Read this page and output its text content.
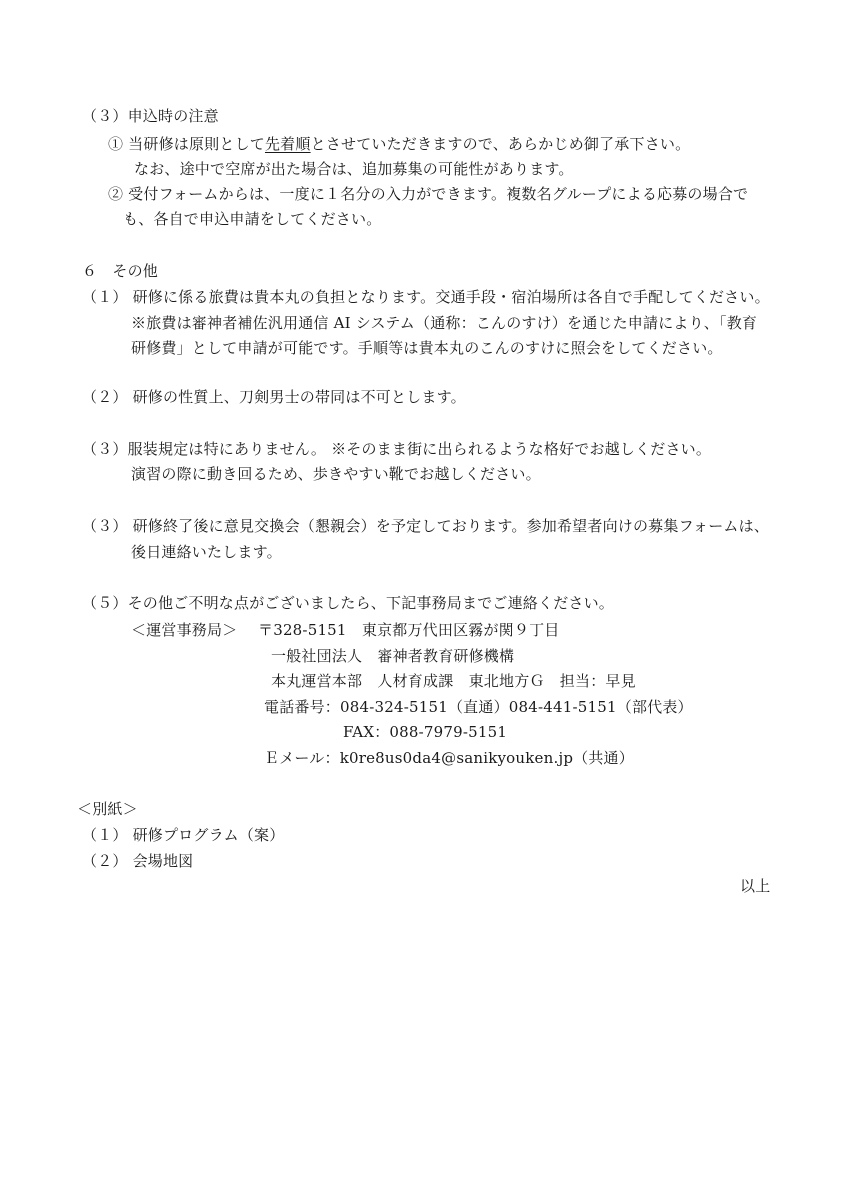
（３）申込時の注意
① 当研修は原則として先着順とさせていただきますので、あらかじめ御了承下さい。
なお、途中で空席が出た場合は、追加募集の可能性があります。
② 受付フォームからは、一度に１名分の入力ができます。複数名グループによる応募の場合で
も、各自で申込申請をしてください。
６　その他
（１） 研修に係る旅費は貴本丸の負担となります。交通手段・宿泊場所は各自で手配してください。
※旅費は審神者補佐汎用通信 AI システム（通称：こんのすけ）を通じた申請により、「教育
研修費」として申請が可能です。手順等は貴本丸のこんのすけに照会をしてください。
（２） 研修の性質上、刀剣男士の帯同は不可とします。
（３）服装規定は特にありません。 ※そのまま街に出られるような格好でお越しください。
演習の際に動き回るため、歩きやすい靴でお越しください。
（３） 研修終了後に意見交換会（懇親会）を予定しております。参加希望者向けの募集フォームは、
後日連絡いたします。
（５）その他ご不明な点がございましたら、下記事務局までご連絡ください。
＜運営事務局＞ 〒328-5151　東京都万代田区霧が関９丁目
一般社団法人　審神者教育研修機構
本丸運営本部　人材育成課　東北地方Ｇ　担当：早見
電話番号：084-324-5151（直通）084-441-5151（部代表）
FAX：088-7979-5151
Ｅメール：k0re8us0da4@sanikyouken.jp（共通）
＜別紙＞
（１） 研修プログラム（案）
（２） 会場地図
以上
